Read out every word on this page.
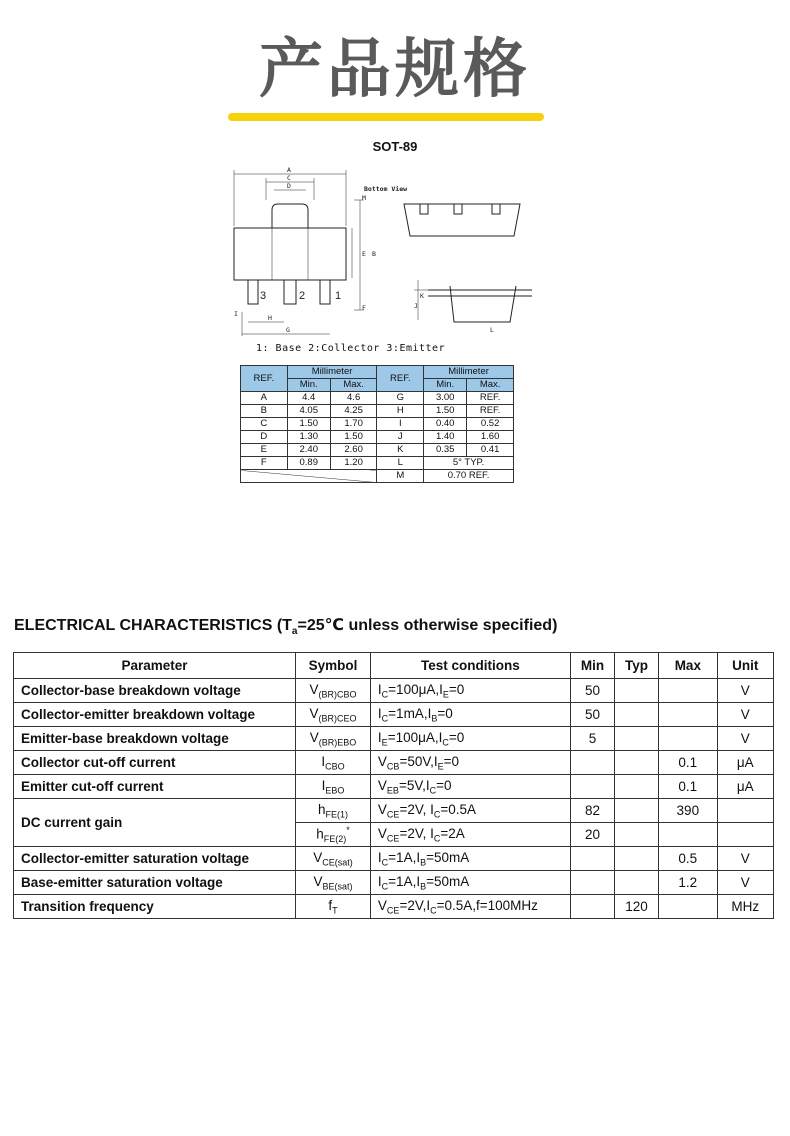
产品规格
SOT-89
A
C
D
M
E B
F
I	H
G
K
J
L
Bottom View
3	2	1
1: Base 2:Collector 3:Emitter
REF.	Millimeter		REF.	Millimeter	
	Min.	Max.		Min.	Max.
A	4.4	4.6	G	3.00	REF.
B	4.05	4.25	H	1.50	REF.
C	1.50	1.70	I	0.40	0.52
D	1.30	1.50	J	1.40	1.60
E	2.40	2.60	K	0.35	0.41
F	0.89	1.20	L	5° TYP.	
			M	0.70 REF.	
ELECTRICAL CHARACTERISTICS ($T_a=25℃$ unless otherwise specified)
Parameter	Symbol	Test conditions	Min	Typ	Max	Unit
Collector-base breakdown voltage	$V_{(BR)CBO}$	$I_C=100\mu A,I_E=0$	50			V
Collector-emitter breakdown voltage	$V_{(BR)CEO}$	$I_C=1mA,I_B=0$	50			V
Emitter-base breakdown voltage	$V_{(BR)EBO}$	$I_E=100\mu A,I_C=0$	5			V
Collector cut-off current	$I_{CBO}$	$V_{CB}=50V,I_E=0$			0.1	μA
Emitter cut-off current	$I_{EBO}$	$V_{EB}=5V,I_C=0$			0.1	μA
DC current gain	$h_{FE(1)}$	$V_{CE}=2V$, $I_C=0.5A$	82		390	
	$h_{FE(2)}^*$	$V_{CE}=2V$, $I_C=2A$	20			
Collector-emitter saturation voltage	$V_{CE(sat)}$	$I_C=1A,I_B=50mA$			0.5	V
Base-emitter saturation voltage	$V_{BE(sat)}$	$I_C=1A,I_B=50mA$			1.2	V
Transition frequency	$f_T$	$V_{CE}=2V,I_C=0.5A,f=100MHz$		120		MHz
